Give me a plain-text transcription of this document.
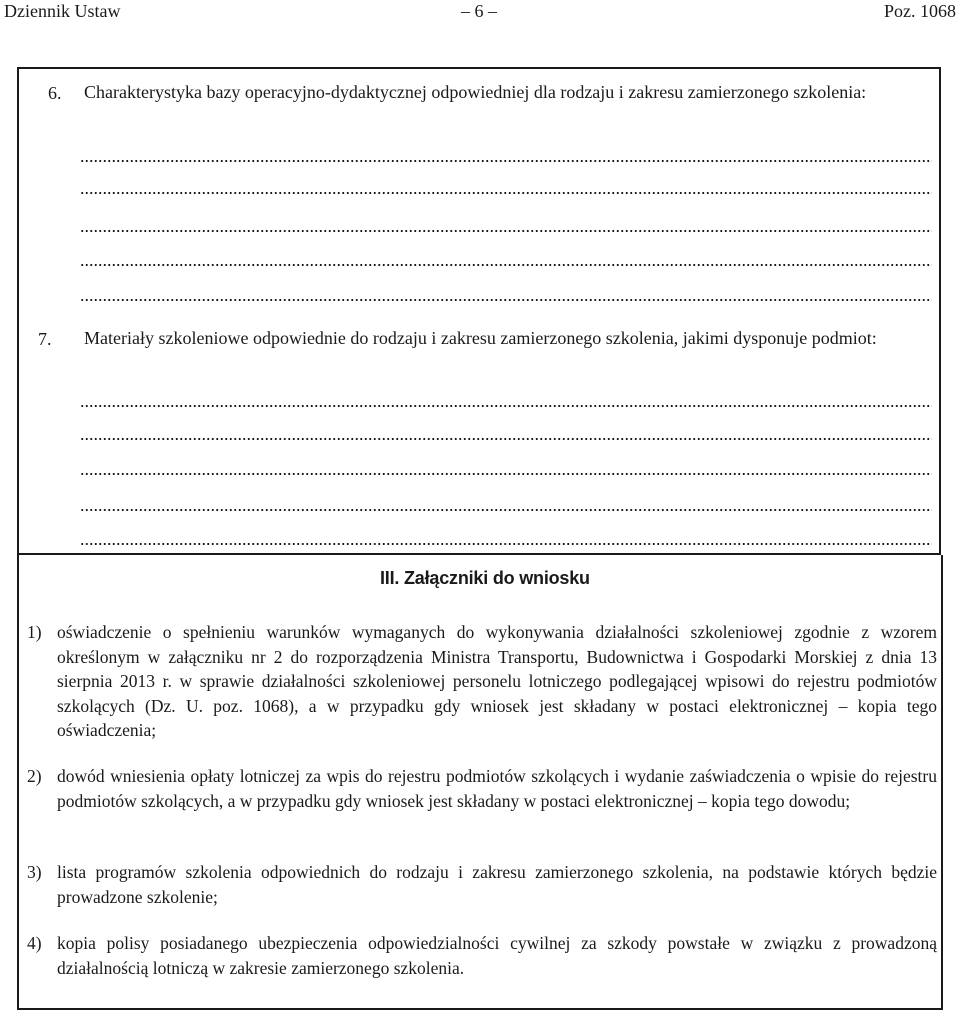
Dziennik Ustaw	– 6 –	Poz. 1068
6. Charakterystyka bazy operacyjno-dydaktycznej odpowiedniej dla rodzaju i zakresu zamierzonego szkolenia:
7. Materiały szkoleniowe odpowiednie do rodzaju i zakresu zamierzonego szkolenia, jakimi dysponuje podmiot:
III. Załączniki do wniosku
1) oświadczenie o spełnieniu warunków wymaganych do wykonywania działalności szkoleniowej zgodnie z wzorem określonym w załączniku nr 2 do rozporządzenia Ministra Transportu, Budownictwa i Gospodarki Morskiej z dnia 13 sierpnia 2013 r. w sprawie działalności szkoleniowej personelu lotniczego podlegającej wpisowi do rejestru podmiotów szkolących (Dz. U. poz. 1068), a w przypadku gdy wniosek jest składany w postaci elektronicznej – kopia tego oświadczenia;
2) dowód wniesienia opłaty lotniczej za wpis do rejestru podmiotów szkolących i wydanie zaświadczenia o wpisie do rejestru podmiotów szkolących, a w przypadku gdy wniosek jest składany w postaci elektronicznej – kopia tego dowodu;
3) lista programów szkolenia odpowiednich do rodzaju i zakresu zamierzonego szkolenia, na podstawie których będzie prowadzone szkolenie;
4) kopia polisy posiadanego ubezpieczenia odpowiedzialności cywilnej za szkody powstałe w związku z prowadzoną działalnością lotniczą w zakresie zamierzonego szkolenia.
